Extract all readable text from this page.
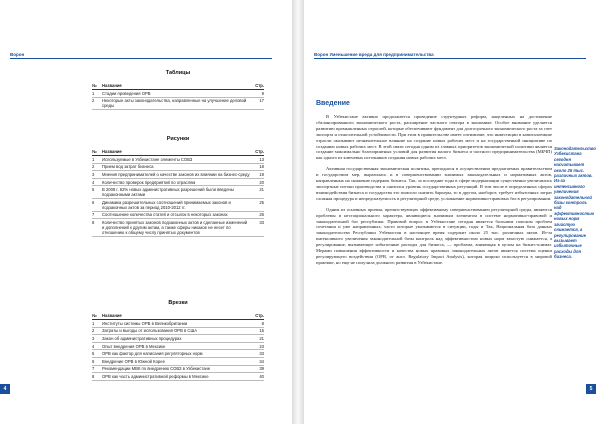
Ворон
Таблицы
№	Название	Стр.
1	Стадии проведения ОРВ	9
2	Некоторые акты законодательства, направленные на улучшение деловой среды	17
Рисунки
№	Название	Стр.
1	Используемые в Узбекистане элементы СОВЗ	13
2	Прием вод затрат бизнеса	18
3	Мнения предпринимателей о качестве законов их влиянии на бизнес-среду	19
4	Количество проверок предприятий по отраслям	20
5	В 2008 г. 62% новых административных разрешений были введены подзаконными актами	21
6	Динамика разрешительных соотношений принимаемых законов и подзаконных актов за период 2010-2012 гг.	25
7	Соотношение количества статей и отсылок в некоторых законах	26
8	Количество принятых законов подзаконных актов и сделанные изменений и дополнений к другим актам, а также сферы никакое не несет по отношению к общему числу принятых документов	33
Врезки
№	Название	Стр.
1	Институты системы ОРВ в Великобритании	8
2	Затраты и выгоды от использования ОРВ в США	15
3	Закон об административных процедурах	21
4	Опыт внедрения ОРВ в Мексике	23
5	ОРВ как фактор для написания регуляторных норм	33
6	Внедрение ОРВ в Южной Корее	34
7	Рекомендации МВК по внедрению СОВЗ в Узбекистане	39
8	ОРВ как часть административной реформы в Мексике	40
4
Ворон Уменьшение вреда для предпринимательства
Введение

В Узбекистане активно продолжается проведение структурных реформ, нацеленных на достижение сбалансированного экономического роста, расширение частного сектора в экономике. Особое внимание уделяется развитию промышленных отраслей, которые обеспечивают фундамент для долгосрочного экономического роста за счет экспорта и относительной устойчивости. При этом в правительстве имеет оптимизме, что инвестиции в капиталоемкие отрасли оказывают незначительное влияние на создание новых рабочих мест и на государственной инициативе по созданию новых рабочих мест. В этой связи сегодня одним из главных приоритетов экономической политики является создание максимально благоприятных условий для развития малого бизнеса и частного предпринимательства (МБЧП) как одного из ключевых источников создания новых рабочих мест.

Активная государственная экономическая политика, преподнося в осуществлении предлагаемых правительством и государством мер, выразилась и в совершенствовании значимых законодательных и нормативных актов, направленных на снижение издержек бизнеса. Так, за последние годы в сфере модернизации существенно увеличились экспортные потоки производства и снизился уровень государственных регуляций. В том числе в определенных сферах взаимодействия бизнеса и государства это помогло снизить барьеры, то в другом, наоборот, требует избыточных затрат сложная процедура и непредсказуемость в регуляторной среде, усложнение нормативно-правовых баз в регулировании.

Одним из основных причин, препятствующих эффективному совершенствованию регуляторной среды, являются проблемы и нестационального характера, являющиеся значимым элементом в системе нормативно-правовой и законодательной баз республики. Правовой вопрос в Узбекистане сегодня является большим поиском проблем сочетания и уже направленных, часто которые указываются в ситуации, годы и Так, Национальная база данных законодательства Республики Узбекистан в настоящее время содержит около 25 тыс. различных актов. Из-за интенсивного увеличения законодательной базы контроль над эффективностью новых норм зачастую снижается, а регулирование, вызывающее избыточные расходы для бизнеса, — проблема, влияющая в целом на бизнес-климат. Мерами повышения эффективности и качества новых правовых законодательных актов является система оценки регулирующего воздействия (ОРВ, от англ. Regulatory Impact Analysis), которая широко используется в мировой практике, но еще не получила должного развития в Узбекистане.

Законодательство Узбекистана сегодня насчитывает около 25 тыс. различных актов. Из-за интенсивного увеличения законодательной базы контроль над эффективностью новых норм зачастую снижается, а регулирование вызывает избыточные расходы для бизнеса.
5
